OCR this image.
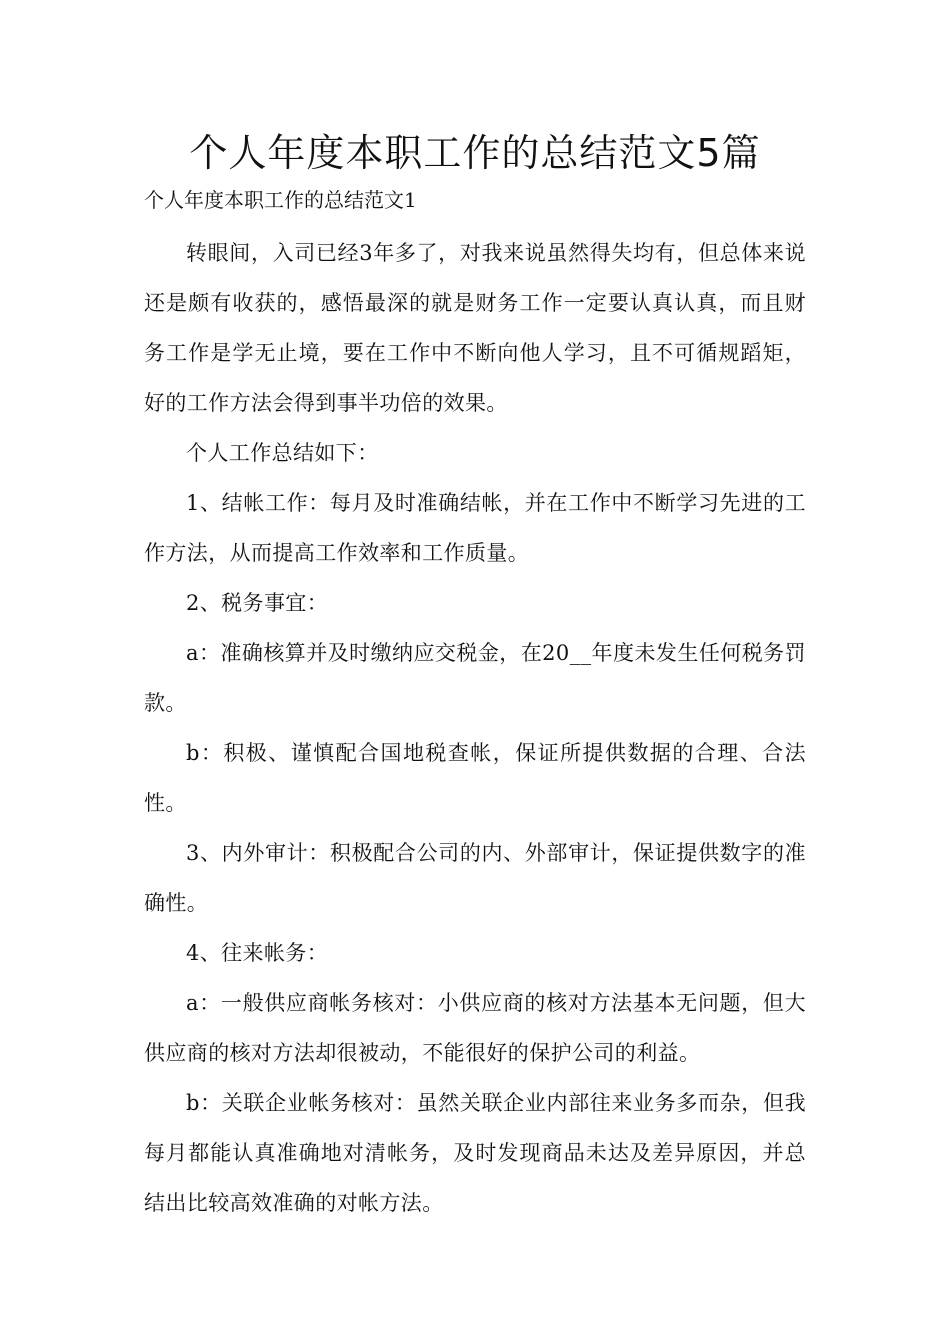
个人年度本职工作的总结范文5篇

个人年度本职工作的总结范文1

转眼间，入司已经3年多了，对我来说虽然得失均有，但总体来说还是颇有收获的，感悟最深的就是财务工作一定要认真认真，而且财务工作是学无止境，要在工作中不断向他人学习，且不可循规蹈矩，好的工作方法会得到事半功倍的效果。

个人工作总结如下：

1、结帐工作：每月及时准确结帐，并在工作中不断学习先进的工作方法，从而提高工作效率和工作质量。

2、税务事宜：

a：准确核算并及时缴纳应交税金，在20__年度未发生任何税务罚款。

b：积极、谨慎配合国地税查帐，保证所提供数据的合理、合法性。

3、内外审计：积极配合公司的内、外部审计，保证提供数字的准确性。

4、往来帐务：

a：一般供应商帐务核对：小供应商的核对方法基本无问题，但大供应商的核对方法却很被动，不能很好的保护公司的利益。

b：关联企业帐务核对：虽然关联企业内部往来业务多而杂，但我每月都能认真准确地对清帐务，及时发现商品未达及差异原因，并总结出比较高效准确的对帐方法。
